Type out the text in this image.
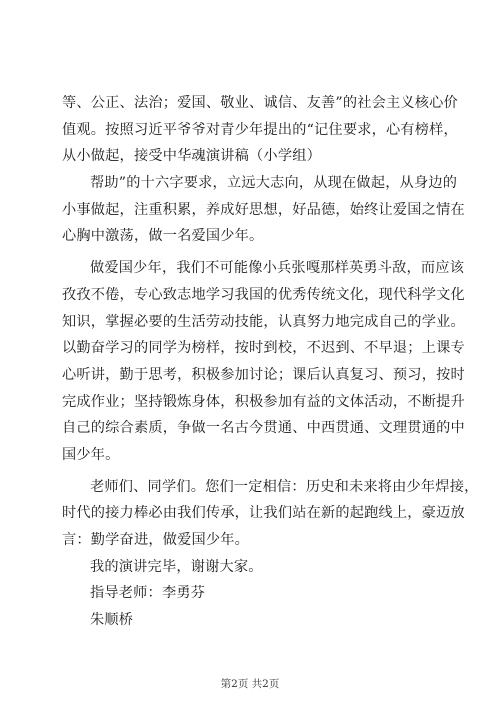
等、公正、法治；爱国、敬业、诚信、友善”的社会主义核心价
值观。按照习近平爷爷对青少年提出的“记住要求，心有榜样，
从小做起，接受中华魂演讲稿（小学组）
帮助”的十六字要求，立远大志向，从现在做起，从身边的
小事做起，注重积累，养成好思想，好品德，始终让爱国之情在
心胸中激荡，做一名爱国少年。
做爱国少年，我们不可能像小兵张嘎那样英勇斗敌，而应该
孜孜不倦，专心致志地学习我国的优秀传统文化，现代科学文化
知识，掌握必要的生活劳动技能，认真努力地完成自己的学业。
以勤奋学习的同学为榜样，按时到校，不迟到、不早退；上课专
心听讲，勤于思考，积极参加讨论；课后认真复习、预习，按时
完成作业；坚持锻炼身体，积极参加有益的文体活动，不断提升
自己的综合素质，争做一名古今贯通、中西贯通、文理贯通的中
国少年。
老师们、同学们。您们一定相信：历史和未来将由少年焊接，
时代的接力棒必由我们传承，让我们站在新的起跑线上，豪迈放
言：勤学奋进，做爱国少年。
我的演讲完毕，谢谢大家。
指导老师：李勇芬
朱顺桥
第2页 共2页
